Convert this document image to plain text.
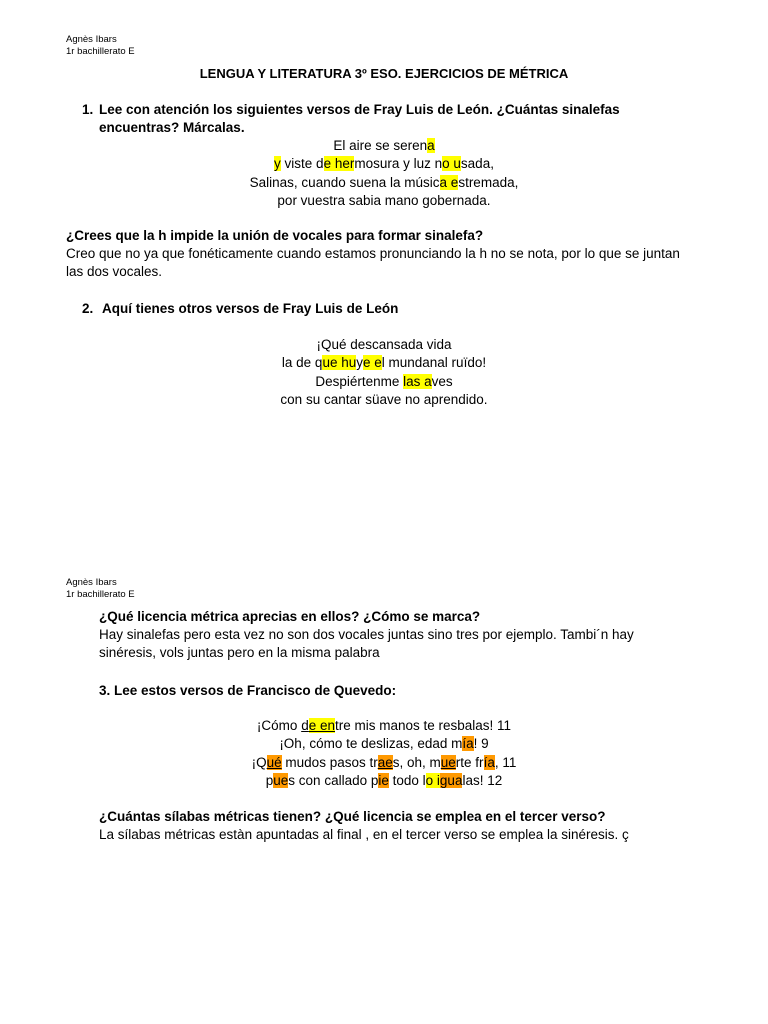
Agnès Ibars
1r bachillerato E
LENGUA Y LITERATURA 3º ESO. EJERCICIOS DE MÉTRICA
1. Lee con atención los siguientes versos de Fray Luis de León. ¿Cuántas sinalefas
encuentras? Márcalas.
El aire se serena
y viste de hermosura y luz no usada,
Salinas, cuando suena la música estremada,
por vuestra sabia mano gobernada.
¿Crees que la h impide la unión de vocales para formar sinalefa?
Creo que no ya que fonéticamente cuando estamos pronunciando la h no se nota, por lo que se juntan
las dos vocales.
2. Aquí tienes otros versos de Fray Luis de León
¡Qué descansada vida
la de que huye el mundanal ruïdo!
Despiértenme las aves
con su cantar süave no aprendido.
Agnès Ibars
1r bachillerato E
¿Qué licencia métrica aprecias en ellos? ¿Cómo se marca?
Hay sinalefas pero esta vez no son dos vocales juntas sino tres por ejemplo. Tambi´n hay
sinéresis, vols juntas pero en la misma palabra
3. Lee estos versos de Francisco de Quevedo:
¡Cómo de entre mis manos te resbalas! 11
¡Oh, cómo te deslizas, edad mía! 9
¡Qué mudos pasos traes, oh, muerte fría, 11
pues con callado pie todo lo igualas! 12
¿Cuántas sílabas métricas tienen? ¿Qué licencia se emplea en el tercer verso?
La sílabas métricas estàn apuntadas al final , en el tercer verso se emplea la sinéresis. ç
